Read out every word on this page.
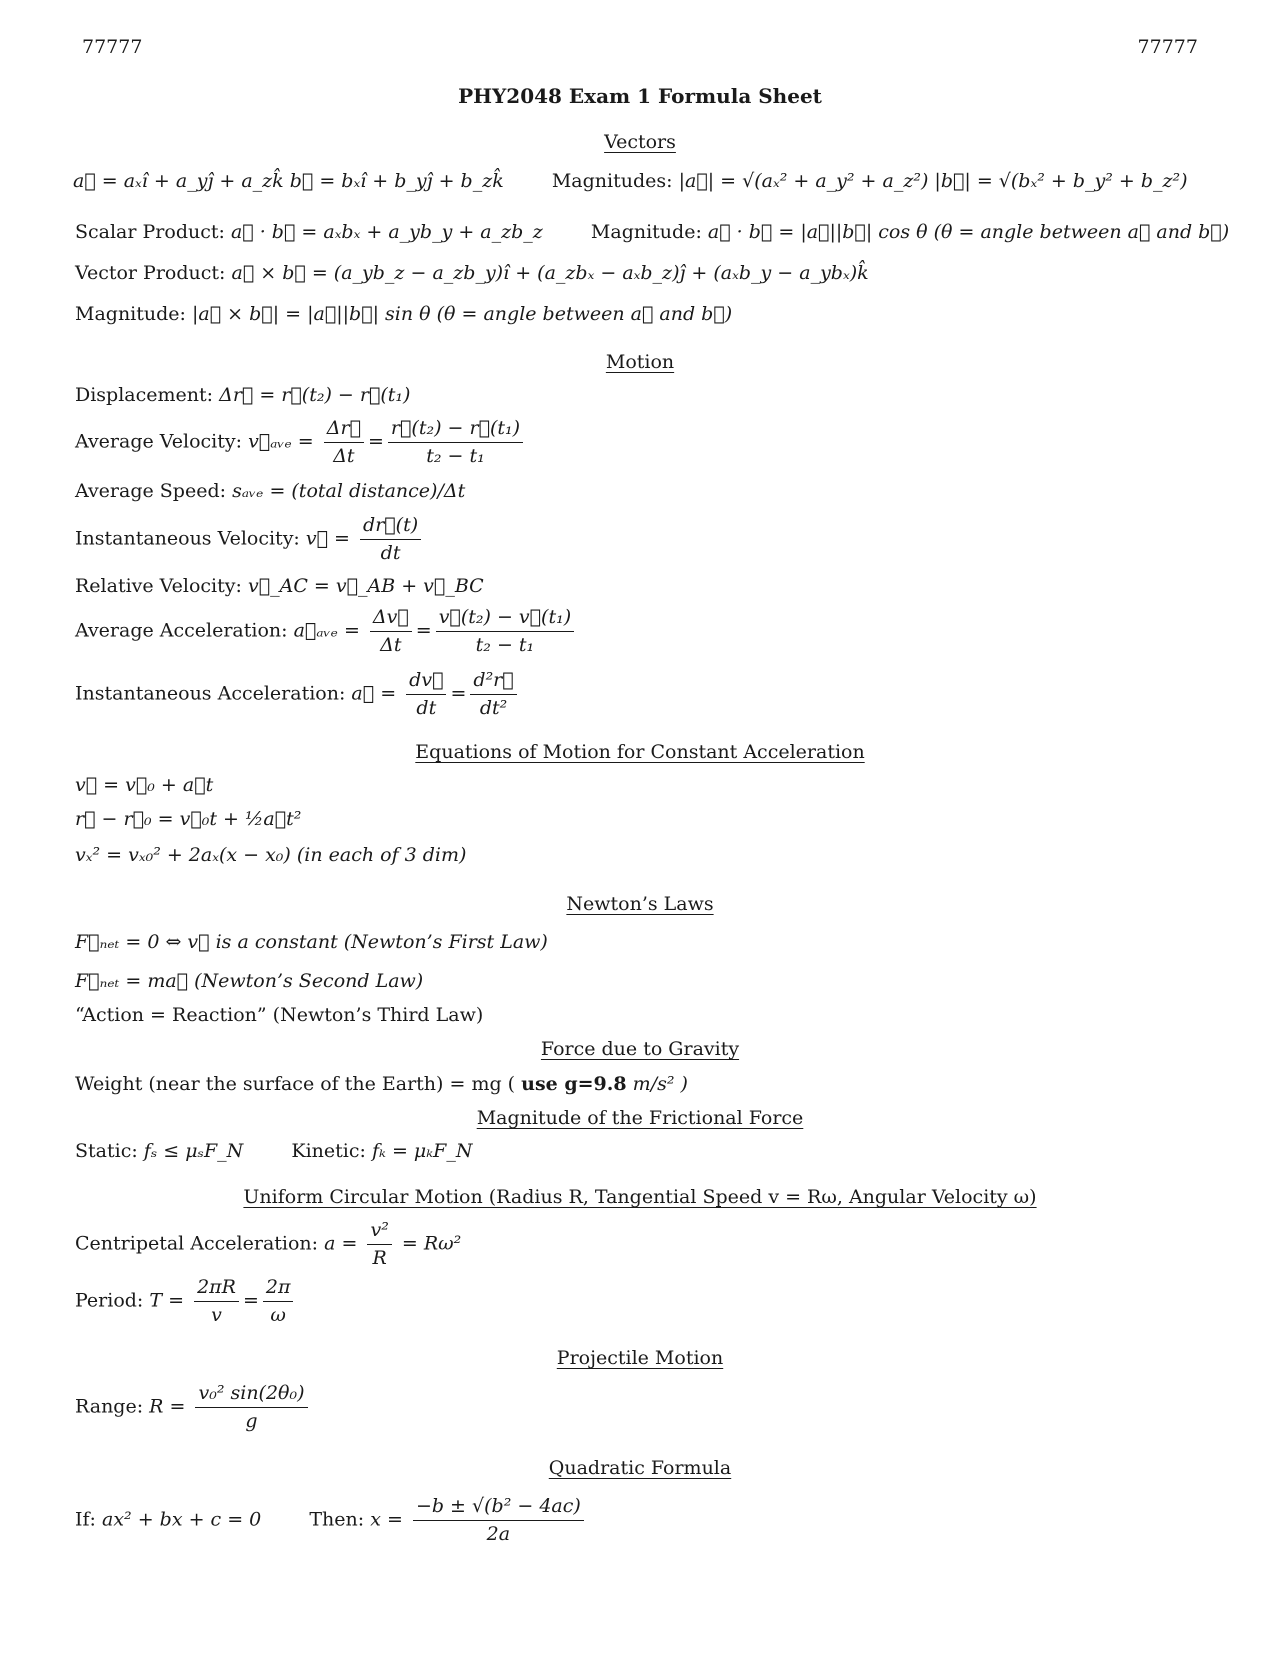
77777	77777
PHY2048 Exam 1 Formula Sheet
Vectors
a⃗ = aₓî + a_yĵ + a_zk̂ b⃗ = bₓî + b_yĵ + b_zk̂	Magnitudes: |a⃗| = √(aₓ² + a_y² + a_z²) |b⃗| = √(bₓ² + b_y² + b_z²)
Scalar Product: a⃗ · b⃗ = aₓbₓ + a_yb_y + a_zb_z	Magnitude: a⃗ · b⃗ = |a⃗||b⃗| cos θ (θ = angle between a⃗ and b⃗)
Vector Product: a⃗ × b⃗ = (a_yb_z − a_zb_y)î + (a_zbₓ − aₓb_z)ĵ + (aₓb_y − a_ybₓ)k̂
Magnitude: |a⃗ × b⃗| = |a⃗||b⃗| sin θ (θ = angle between a⃗ and b⃗)
Motion
Displacement: Δr⃗ = r⃗(t₂) − r⃗(t₁)
Average Velocity: v⃗ₐᵥₑ = $\frac{\Delta r⃗}{\Delta t} = \frac{\text{r⃗(t₂) − r⃗(t₁)}}{\text{t₂ − t₁}}$
Average Speed: sₐᵥₑ = (total distance)/Δt
Instantaneous Velocity: v⃗ = $\frac{dr⃗(t)}{dt}$
Relative Velocity: v⃗_AC = v⃗_AB + v⃗_BC
Average Acceleration: a⃗ₐᵥₑ = $\frac{\Delta v⃗}{\Delta t} = \frac{\text{v⃗(t₂) − v⃗(t₁)}}{\text{t₂ − t₁}}$
Instantaneous Acceleration: a⃗ = $\frac{dv⃗}{dt} = \frac{\text{d²r⃗}}{\text{dt²}}$
Equations of Motion for Constant Acceleration
v⃗ = v⃗₀ + a⃗t
r⃗ − r⃗₀ = v⃗₀t + ½a⃗t²
vₓ² = vₓ₀² + 2aₓ(x − x₀) (in each of 3 dim)
Newton’s Laws
F⃗ₙₑₜ = 0 ⇔ v⃗ is a constant (Newton’s First Law)
F⃗ₙₑₜ = ma⃗ (Newton’s Second Law)
“Action = Reaction” (Newton’s Third Law)
Force due to Gravity
Weight (near the surface of the Earth) = mg ( use g=9.8 m/s² )
Magnitude of the Frictional Force
Static: fₛ ≤ μₛF_N	Kinetic: fₖ = μₖF_N
Uniform Circular Motion (Radius R, Tangential Speed v = Rω, Angular Velocity ω)
Centripetal Acceleration: $a = \frac{\text{v²}}{R} = R\omega^2$
Period: $T = \frac{2\pi R}{v} = \frac{2\pi}{\omega}$
Projectile Motion
Range: $R = \frac{\text{v₀² sin(2θ₀)}}{g}$
Quadratic Formula
If: ax² + bx + c = 0	Then: $x = \frac{\text{−b ± √(b² − 4ac)}}{2a}$
